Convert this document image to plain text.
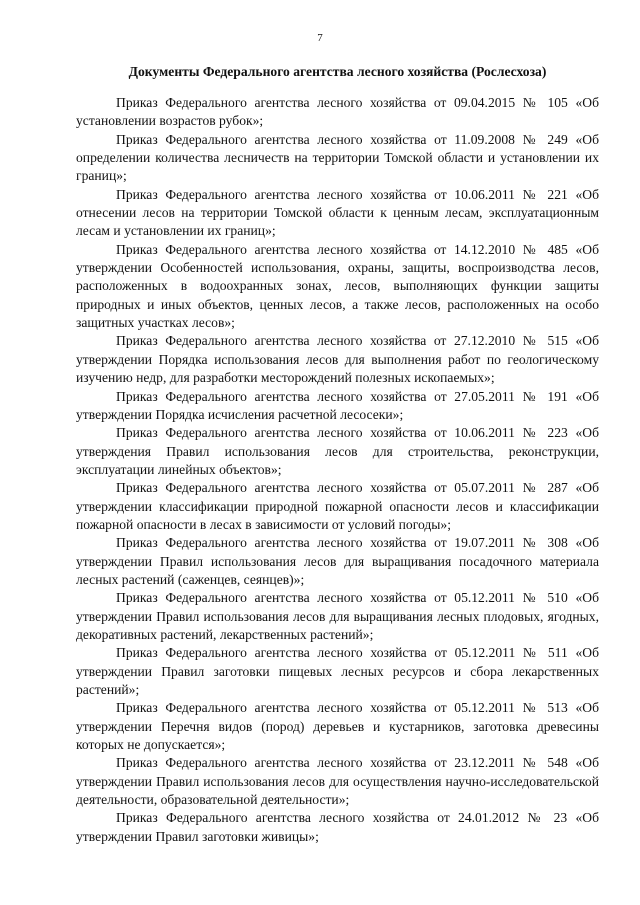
7
Документы Федерального агентства лесного хозяйства (Рослесхоза)

Приказ Федерального агентства лесного хозяйства от 09.04.2015 № 105 «Об установлении возрастов рубок»;

Приказ Федерального агентства лесного хозяйства от 11.09.2008 № 249 «Об определении количества лесничеств на территории Томской области и установлении их границ»;

Приказ Федерального агентства лесного хозяйства от 10.06.2011 № 221 «Об отнесении лесов на территории Томской области к ценным лесам, эксплуатационным лесам и установлении их границ»;

Приказ Федерального агентства лесного хозяйства от 14.12.2010 № 485 «Об утверждении Особенностей использования, охраны, защиты, воспроизводства лесов, расположенных в водоохранных зонах, лесов, выполняющих функции защиты природных и иных объектов, ценных лесов, а также лесов, расположенных на особо защитных участках лесов»;

Приказ Федерального агентства лесного хозяйства от 27.12.2010 № 515 «Об утверждении Порядка использования лесов для выполнения работ по геологическому изучению недр, для разработки месторождений полезных ископаемых»;

Приказ Федерального агентства лесного хозяйства от 27.05.2011 № 191 «Об утверждении Порядка исчисления расчетной лесосеки»;

Приказ Федерального агентства лесного хозяйства от 10.06.2011 № 223 «Об утверждения Правил использования лесов для строительства, реконструкции, эксплуатации линейных объектов»;

Приказ Федерального агентства лесного хозяйства от 05.07.2011 № 287 «Об утверждении классификации природной пожарной опасности лесов и классификации пожарной опасности в лесах в зависимости от условий погоды»;

Приказ Федерального агентства лесного хозяйства от 19.07.2011 № 308 «Об утверждении Правил использования лесов для выращивания посадочного материала лесных растений (саженцев, сеянцев)»;

Приказ Федерального агентства лесного хозяйства от 05.12.2011 № 510 «Об утверждении Правил использования лесов для выращивания лесных плодовых, ягодных, декоративных растений, лекарственных растений»;

Приказ Федерального агентства лесного хозяйства от 05.12.2011 № 511 «Об утверждении Правил заготовки пищевых лесных ресурсов и сбора лекарственных растений»;

Приказ Федерального агентства лесного хозяйства от 05.12.2011 № 513 «Об утверждении Перечня видов (пород) деревьев и кустарников, заготовка древесины которых не допускается»;

Приказ Федерального агентства лесного хозяйства от 23.12.2011 № 548 «Об утверждении Правил использования лесов для осуществления научно-исследовательской деятельности, образовательной деятельности»;

Приказ Федерального агентства лесного хозяйства от 24.01.2012 № 23 «Об утверждении Правил заготовки живицы»;
